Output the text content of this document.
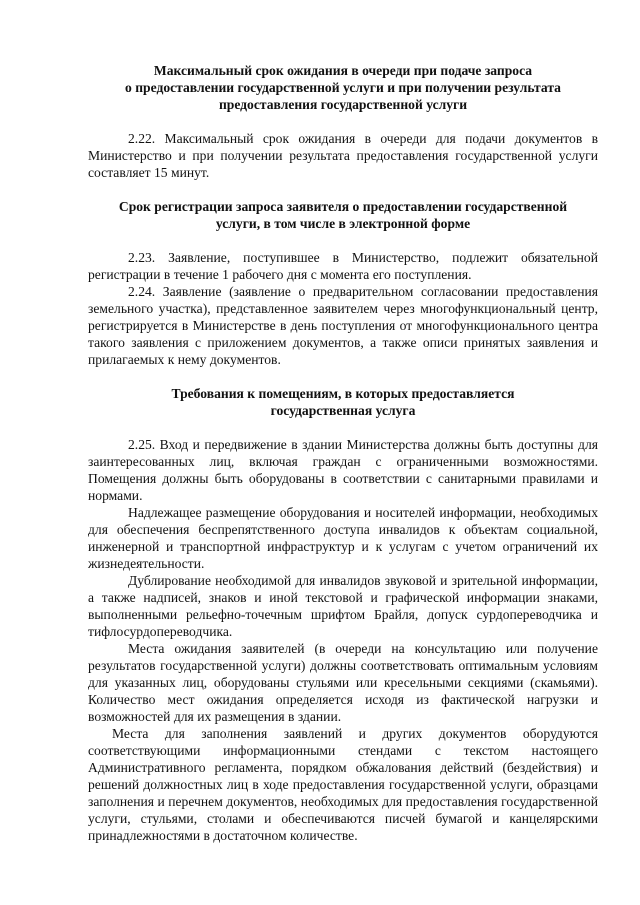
Максимальный срок ожидания в очереди при подаче запроса
о предоставлении государственной услуги и при получении результата
предоставления государственной услуги

2.22. Максимальный срок ожидания в очереди для подачи документов в Министерство и при получении результата предоставления государственной услуги составляет 15 минут.

Срок регистрации запроса заявителя о предоставлении государственной
услуги, в том числе в электронной форме

2.23. Заявление, поступившее в Министерство, подлежит обязательной регистрации в течение 1 рабочего дня с момента его поступления.

2.24. Заявление (заявление о предварительном согласовании предоставления земельного участка), представленное заявителем через многофункциональный центр, регистрируется в Министерстве в день поступления от многофункционального центра такого заявления с приложением документов, а также описи принятых заявления и прилагаемых к нему документов.

Требования к помещениям, в которых предоставляется
государственная услуга

2.25. Вход и передвижение в здании Министерства должны быть доступны для заинтересованных лиц, включая граждан с ограниченными возможностями. Помещения должны быть оборудованы в соответствии с санитарными правилами и нормами.

Надлежащее размещение оборудования и носителей информации, необходимых для обеспечения беспрепятственного доступа инвалидов к объектам социальной, инженерной и транспортной инфраструктур и к услугам с учетом ограничений их жизнедеятельности.

Дублирование необходимой для инвалидов звуковой и зрительной информации, а также надписей, знаков и иной текстовой и графической информации знаками, выполненными рельефно-точечным шрифтом Брайля, допуск сурдопереводчика и тифлосурдопереводчика.

Места ожидания заявителей (в очереди на консультацию или получение результатов государственной услуги) должны соответствовать оптимальным условиям для указанных лиц, оборудованы стульями или кресельными секциями (скамьями). Количество мест ожидания определяется исходя из фактической нагрузки и возможностей для их размещения в здании.

Места для заполнения заявлений и других документов оборудуются соответствующими информационными стендами с текстом настоящего Административного регламента, порядком обжалования действий (бездействия) и решений должностных лиц в ходе предоставления государственной услуги, образцами заполнения и перечнем документов, необходимых для предоставления государственной услуги, стульями, столами и обеспечиваются писчей бумагой и канцелярскими принадлежностями в достаточном количестве.
